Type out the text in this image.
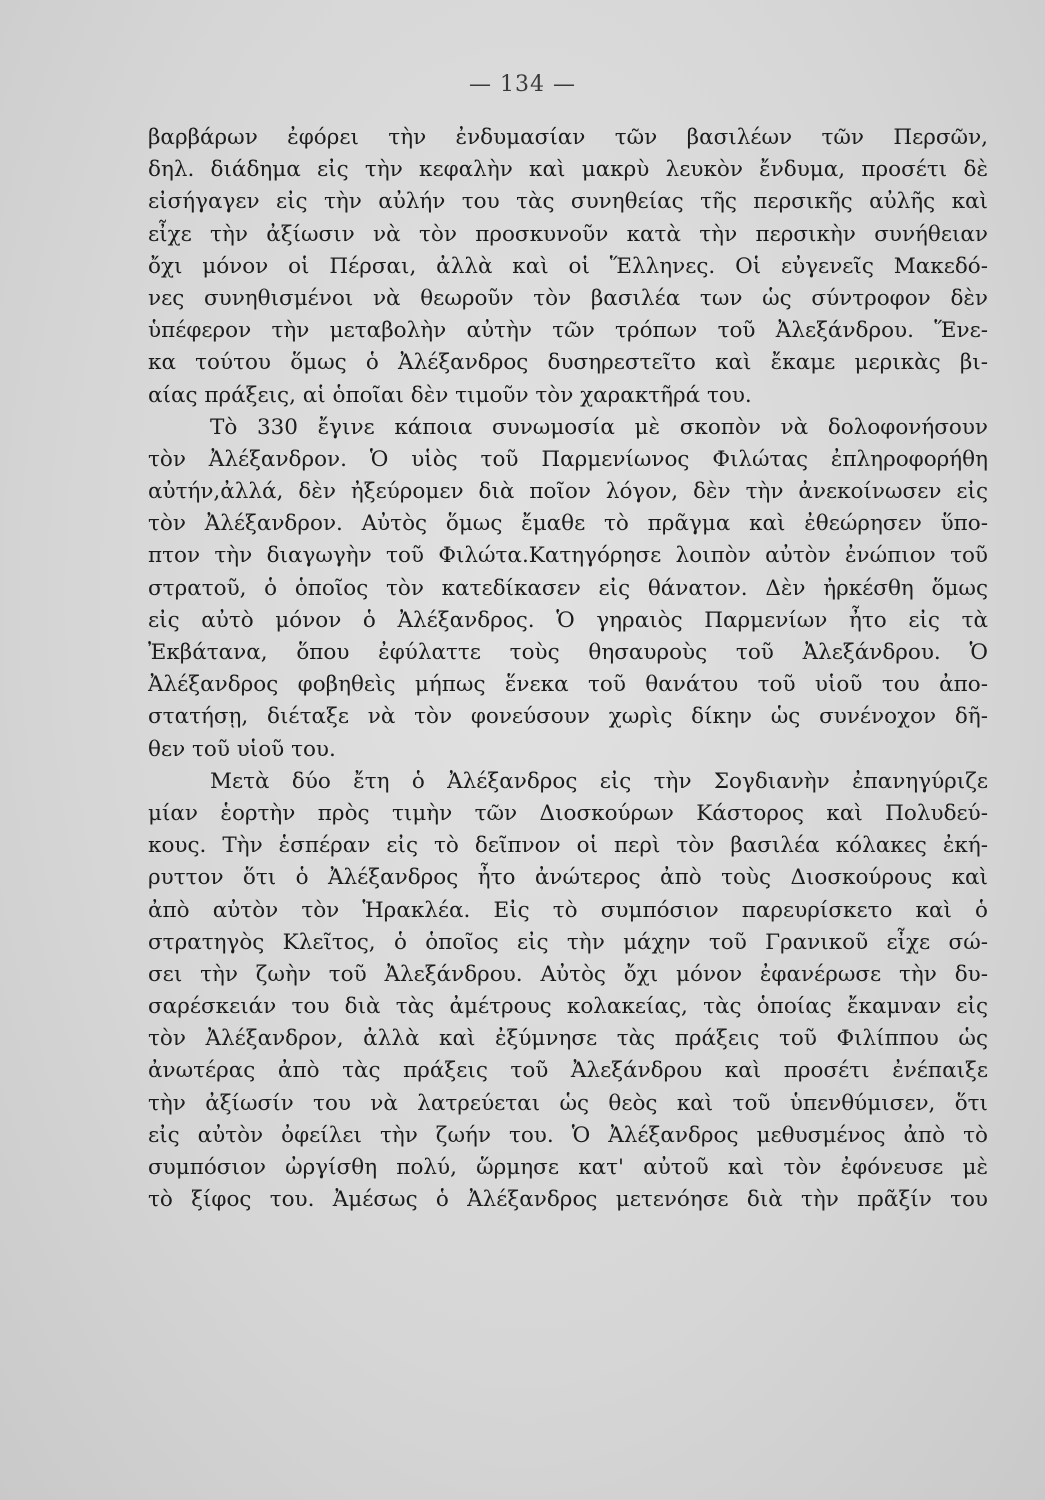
— 134 —
βαρβάρων ἐφόρει τὴν ἐνδυμασίαν τῶν βασιλέων τῶν Περσῶν,
δηλ. διάδημα εἰς τὴν κεφαλὴν καὶ μακρὺ λευκὸν ἔνδυμα, προσέτι δὲ
εἰσήγαγεν εἰς τὴν αὐλήν του τὰς συνηθείας τῆς περσικῆς αὐλῆς καὶ
εἶχε τὴν ἀξίωσιν νὰ τὸν προσκυνοῦν κατὰ τὴν περσικὴν συνήθειαν
ὄχι μόνον οἱ Πέρσαι, ἀλλὰ καὶ οἱ Ἕλληνες. Οἱ εὐγενεῖς Μακεδό-
νες συνηθισμένοι νὰ θεωροῦν τὸν βασιλέα των ὡς σύντροφον δὲν
ὑπέφερον τὴν μεταβολὴν αὐτὴν τῶν τρόπων τοῦ Ἀλεξάνδρου. Ἕνε-
κα τούτου ὅμως ὁ Ἀλέξανδρος δυσηρεστεῖτο καὶ ἔκαμε μερικὰς βι-
αίας πράξεις, αἱ ὁποῖαι δὲν τιμοῦν τὸν χαρακτῆρά του.
Τὸ 330 ἔγινε κάποια συνωμοσία μὲ σκοπὸν νὰ δολοφονήσουν
τὸν Ἀλέξανδρον. Ὁ υἱὸς τοῦ Παρμενίωνος Φιλώτας ἐπληροφορήθη
αὐτήν,ἀλλά, δὲν ἠξεύρομεν διὰ ποῖον λόγον, δὲν τὴν ἀνεκοίνωσεν εἰς
τὸν Ἀλέξανδρον. Αὐτὸς ὅμως ἔμαθε τὸ πρᾶγμα καὶ ἐθεώρησεν ὕπο-
πτον τὴν διαγωγὴν τοῦ Φιλώτα.Κατηγόρησε λοιπὸν αὐτὸν ἐνώπιον τοῦ
στρατοῦ, ὁ ὁποῖος τὸν κατεδίκασεν εἰς θάνατον. Δὲν ἠρκέσθη ὅμως
εἰς αὐτὸ μόνον ὁ Ἀλέξανδρος. Ὁ γηραιὸς Παρμενίων ἦτο εἰς τὰ
Ἐκβάτανα, ὅπου ἐφύλαττε τοὺς θησαυροὺς τοῦ Ἀλεξάνδρου. Ὁ
Ἀλέξανδρος φοβηθεὶς μήπως ἕνεκα τοῦ θανάτου τοῦ υἱοῦ του ἀπο-
στατήσῃ, διέταξε νὰ τὸν φονεύσουν χωρὶς δίκην ὡς συνένοχον δῆ-
θεν τοῦ υἱοῦ του.
Μετὰ δύο ἔτη ὁ Ἀλέξανδρος εἰς τὴν Σογδιανὴν ἐπανηγύριζε
μίαν ἑορτὴν πρὸς τιμὴν τῶν Διοσκούρων Κάστορος καὶ Πολυδεύ-
κους. Τὴν ἑσπέραν εἰς τὸ δεῖπνον οἱ περὶ τὸν βασιλέα κόλακες ἐκή-
ρυττον ὅτι ὁ Ἀλέξανδρος ἦτο ἀνώτερος ἀπὸ τοὺς Διοσκούρους καὶ
ἀπὸ αὐτὸν τὸν Ἡρακλέα. Εἰς τὸ συμπόσιον παρευρίσκετο καὶ ὁ
στρατηγὸς Κλεῖτος, ὁ ὁποῖος εἰς τὴν μάχην τοῦ Γρανικοῦ εἶχε σώ-
σει τὴν ζωὴν τοῦ Ἀλεξάνδρου. Αὐτὸς ὄχι μόνον ἐφανέρωσε τὴν δυ-
σαρέσκειάν του διὰ τὰς ἀμέτρους κολακείας, τὰς ὁποίας ἔκαμναν εἰς
τὸν Ἀλέξανδρον, ἀλλὰ καὶ ἐξύμνησε τὰς πράξεις τοῦ Φιλίππου ὡς
ἀνωτέρας ἀπὸ τὰς πράξεις τοῦ Ἀλεξάνδρου καὶ προσέτι ἐνέπαιξε
τὴν ἀξίωσίν του νὰ λατρεύεται ὡς θεὸς καὶ τοῦ ὑπενθύμισεν, ὅτι
εἰς αὐτὸν ὀφείλει τὴν ζωήν του. Ὁ Ἀλέξανδρος μεθυσμένος ἀπὸ τὸ
συμπόσιον ὠργίσθη πολύ, ὥρμησε κατ' αὐτοῦ καὶ τὸν ἐφόνευσε μὲ
τὸ ξίφος του. Ἀμέσως ὁ Ἀλέξανδρος μετενόησε διὰ τὴν πρᾶξίν του
